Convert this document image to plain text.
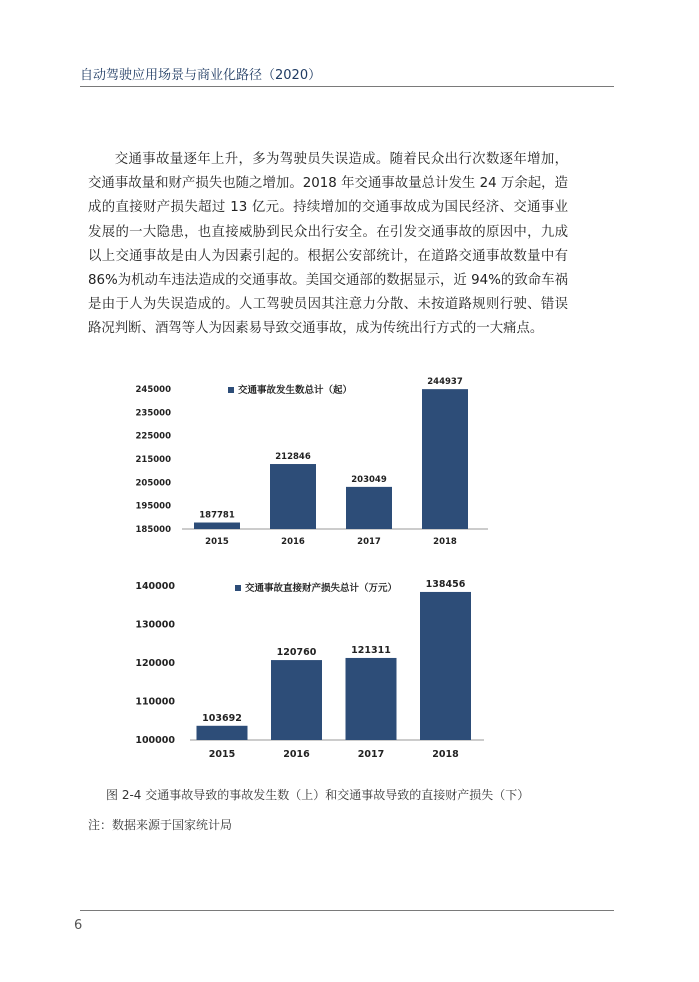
自动驾驶应用场景与商业化路径（2020）

交通事故量逐年上升，多为驾驶员失误造成。随着民众出行次数逐年增加，交通事故量和财产损失也随之增加。2018 年交通事故量总计发生 24 万余起，造成的直接财产损失超过 13 亿元。持续增加的交通事故成为国民经济、交通事业发展的一大隐患，也直接威胁到民众出行安全。在引发交通事故的原因中，九成以上交通事故是由人为因素引起的。根据公安部统计，在道路交通事故数量中有 86%为机动车违法造成的交通事故。美国交通部的数据显示，近 94%的致命车祸是由于人为失误造成的。人工驾驶员因其注意力分散、未按道路规则行驶、错误路况判断、酒驾等人为因素易导致交通事故，成为传统出行方式的一大痛点。

245000
235000
225000
215000
205000
195000
185000
交通事故发生数总计（起）
187781
2015
212846
2016
203049
2017
244937
2018
140000
130000
120000
110000
100000
交通事故直接财产损失总计（万元）
103692
2015
120760
2016
121311
2017
138456
2018
图 2-4 交通事故导致的事故发生数（上）和交通事故导致的直接财产损失（下）
注：数据来源于国家统计局
6
